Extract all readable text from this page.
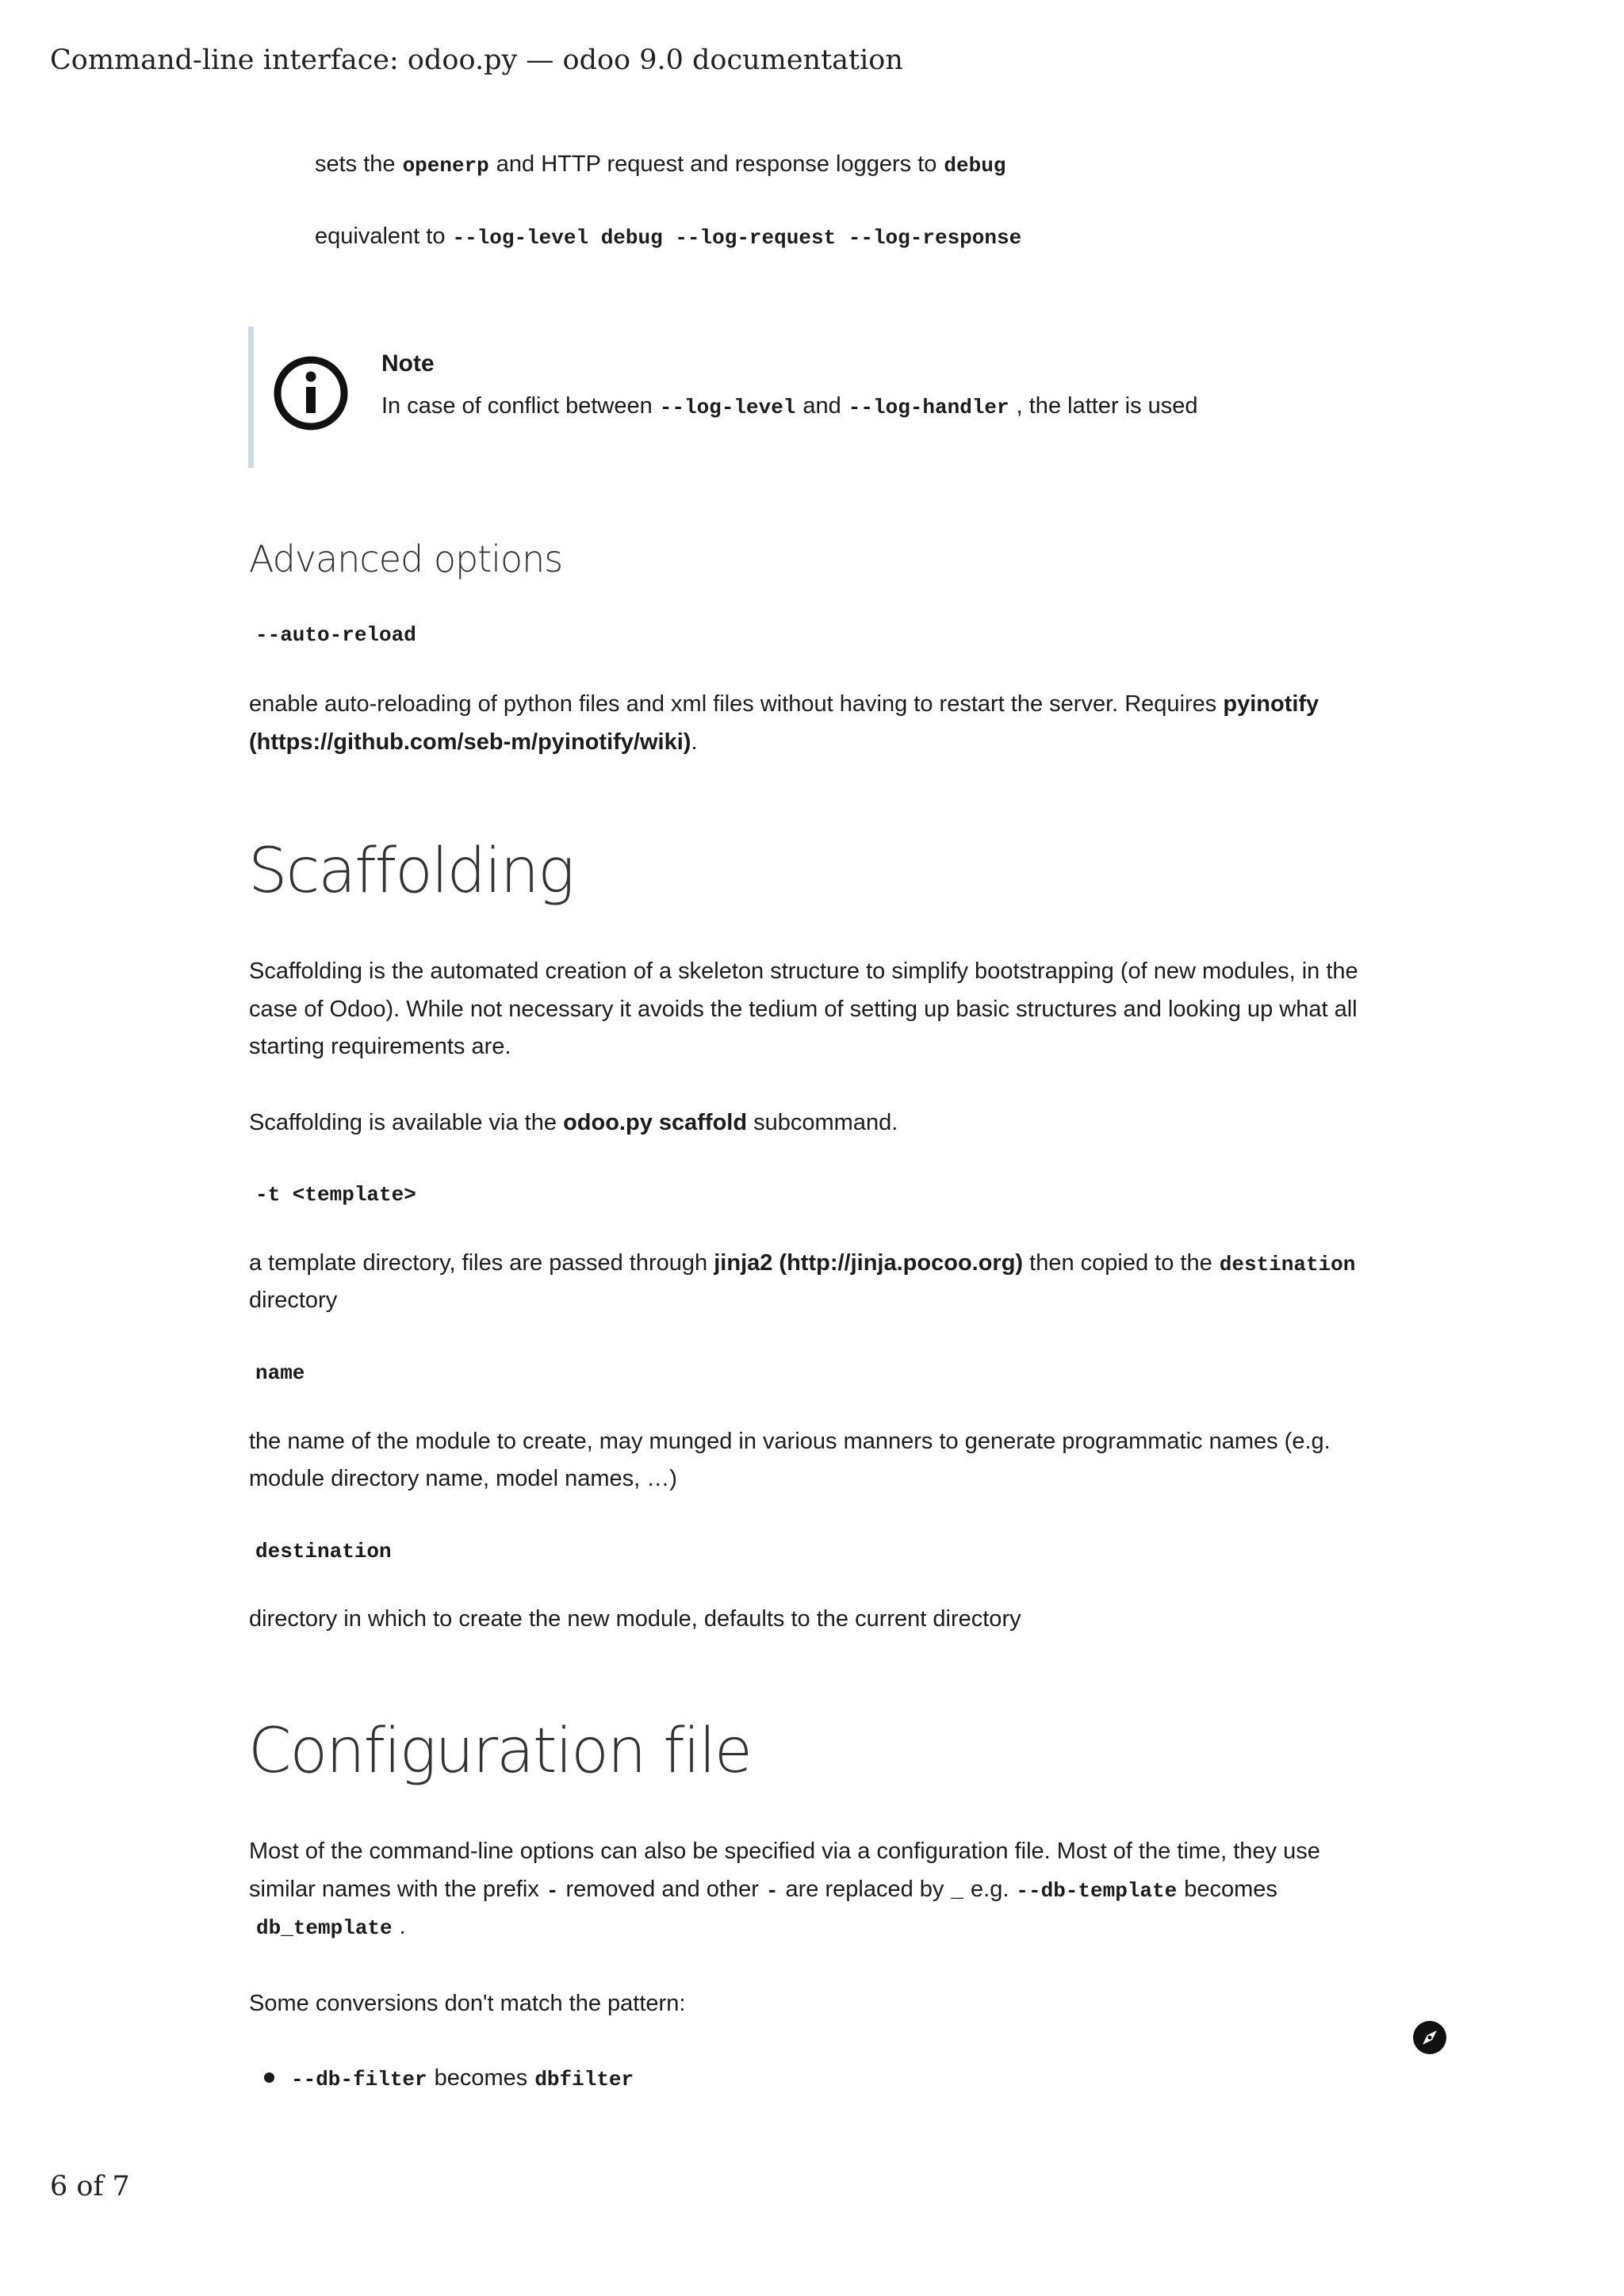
Command-line interface: odoo.py — odoo 9.0 documentation
sets the openerp and HTTP request and response loggers to debug
equivalent to --log-level debug --log-request --log-response
Note
In case of conflict between --log-level and --log-handler , the latter is used
Advanced options
--auto-reload
enable auto-reloading of python files and xml files without having to restart the server. Requires pyinotify (https://github.com/seb-m/pyinotify/wiki).
Scaffolding
Scaffolding is the automated creation of a skeleton structure to simplify bootstrapping (of new modules, in the
case of Odoo). While not necessary it avoids the tedium of setting up basic structures and looking up what all
starting requirements are.
Scaffolding is available via the odoo.py scaffold subcommand.
-t <template>
a template directory, files are passed through jinja2 (http://jinja.pocoo.org) then copied to the destination
directory
name
the name of the module to create, may munged in various manners to generate programmatic names (e.g.
module directory name, model names, …)
destination
directory in which to create the new module, defaults to the current directory
Configuration file
Most of the command-line options can also be specified via a configuration file. Most of the time, they use
similar names with the prefix - removed and other - are replaced by _ e.g. --db-template becomes
db_template .
Some conversions don't match the pattern:
--db-filter becomes dbfilter
6 of 7
